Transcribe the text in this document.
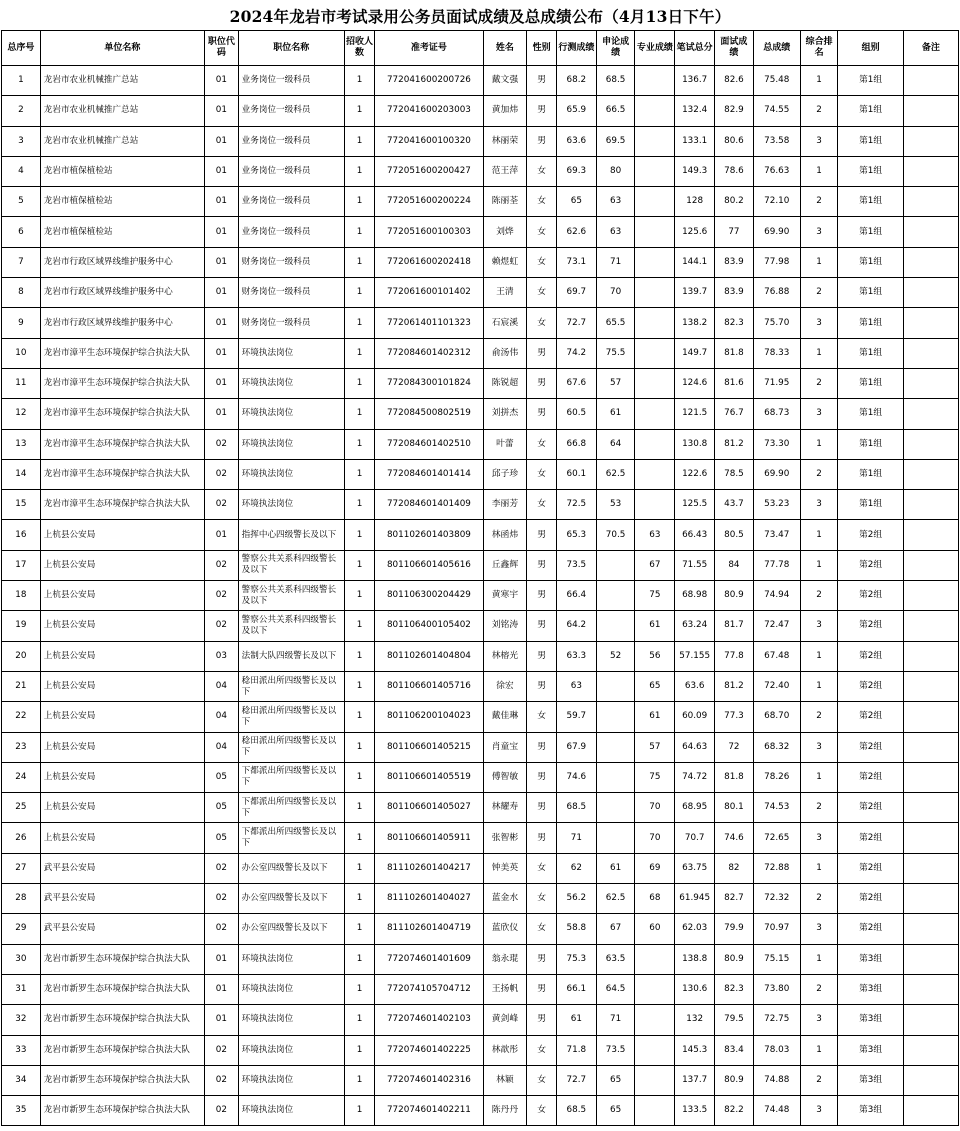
2024年龙岩市考试录用公务员面试成绩及总成绩公布（4月13日下午）
总序号	单位名称	职位代码	职位名称	招收人数	准考证号	姓名	性别	行测成绩	申论成绩	专业成绩	笔试总分	面试成绩	总成绩	综合排名	组别	备注
1	龙岩市农业机械推广总站	01	业务岗位一级科员	1	772041600200726	戴文强	男	68.2	68.5		136.7	82.6	75.48	1	第1组	
2	龙岩市农业机械推广总站	01	业务岗位一级科员	1	772041600203003	黄加炜	男	65.9	66.5		132.4	82.9	74.55	2	第1组	
3	龙岩市农业机械推广总站	01	业务岗位一级科员	1	772041600100320	林丽荣	男	63.6	69.5		133.1	80.6	73.58	3	第1组	
4	龙岩市植保植检站	01	业务岗位一级科员	1	772051600200427	范王萍	女	69.3	80		149.3	78.6	76.63	1	第1组	
5	龙岩市植保植检站	01	业务岗位一级科员	1	772051600200224	陈丽荃	女	65	63		128	80.2	72.10	2	第1组	
6	龙岩市植保植检站	01	业务岗位一级科员	1	772051600100303	刘烨	女	62.6	63		125.6	77	69.90	3	第1组	
7	龙岩市行政区域界线维护服务中心	01	财务岗位一级科员	1	772061600202418	赖煜虹	女	73.1	71		144.1	83.9	77.98	1	第1组	
8	龙岩市行政区域界线维护服务中心	01	财务岗位一级科员	1	772061600101402	王清	女	69.7	70		139.7	83.9	76.88	2	第1组	
9	龙岩市行政区域界线维护服务中心	01	财务岗位一级科员	1	772061401101323	石宸溪	女	72.7	65.5		138.2	82.3	75.70	3	第1组	
10	龙岩市漳平生态环境保护综合执法大队	01	环境执法岗位	1	772084601402312	俞汤伟	男	74.2	75.5		149.7	81.8	78.33	1	第1组	
11	龙岩市漳平生态环境保护综合执法大队	01	环境执法岗位	1	772084300101824	陈锐超	男	67.6	57		124.6	81.6	71.95	2	第1组	
12	龙岩市漳平生态环境保护综合执法大队	01	环境执法岗位	1	772084500802519	刘拼杰	男	60.5	61		121.5	76.7	68.73	3	第1组	
13	龙岩市漳平生态环境保护综合执法大队	02	环境执法岗位	1	772084601402510	叶蕾	女	66.8	64		130.8	81.2	73.30	1	第1组	
14	龙岩市漳平生态环境保护综合执法大队	02	环境执法岗位	1	772084601401414	邱子珍	女	60.1	62.5		122.6	78.5	69.90	2	第1组	
15	龙岩市漳平生态环境保护综合执法大队	02	环境执法岗位	1	772084601401409	李丽芳	女	72.5	53		125.5	43.7	53.23	3	第1组	
16	上杭县公安局	01	指挥中心四级警长及以下	1	801102601403809	林函炜	男	65.3	70.5	63	66.43	80.5	73.47	1	第2组	
17	上杭县公安局	02	警察公共关系科四级警长及以下	1	801106601405616	丘鑫辉	男	73.5		67	71.55	84	77.78	1	第2组	
18	上杭县公安局	02	警察公共关系科四级警长及以下	1	801106300204429	黄寒宇	男	66.4		75	68.98	80.9	74.94	2	第2组	
19	上杭县公安局	02	警察公共关系科四级警长及以下	1	801106400105402	刘铭涛	男	64.2		61	63.24	81.7	72.47	3	第2组	
20	上杭县公安局	03	法制大队四级警长及以下	1	801102601404804	林榕光	男	63.3	52	56	57.155	77.8	67.48	1	第2组	
21	上杭县公安局	04	稔田派出所四级警长及以下	1	801106601405716	徐宏	男	63		65	63.6	81.2	72.40	1	第2组	
22	上杭县公安局	04	稔田派出所四级警长及以下	1	801106200104023	戴佳琳	女	59.7		61	60.09	77.3	68.70	2	第2组	
23	上杭县公安局	04	稔田派出所四级警长及以下	1	801106601405215	肖童宝	男	67.9		57	64.63	72	68.32	3	第2组	
24	上杭县公安局	05	下都派出所四级警长及以下	1	801106601405519	傅智敏	男	74.6		75	74.72	81.8	78.26	1	第2组	
25	上杭县公安局	05	下都派出所四级警长及以下	1	801106601405027	林耀寿	男	68.5		70	68.95	80.1	74.53	2	第2组	
26	上杭县公安局	05	下都派出所四级警长及以下	1	801106601405911	张智彬	男	71		70	70.7	74.6	72.65	3	第2组	
27	武平县公安局	02	办公室四级警长及以下	1	811102601404217	钟美英	女	62	61	69	63.75	82	72.88	1	第2组	
28	武平县公安局	02	办公室四级警长及以下	1	811102601404027	蓝金水	女	56.2	62.5	68	61.945	82.7	72.32	2	第2组	
29	武平县公安局	02	办公室四级警长及以下	1	811102601404719	蓝欣仪	女	58.8	67	60	62.03	79.9	70.97	3	第2组	
30	龙岩市新罗生态环境保护综合执法大队	01	环境执法岗位	1	772074601401609	翁永琨	男	75.3	63.5		138.8	80.9	75.15	1	第3组	
31	龙岩市新罗生态环境保护综合执法大队	01	环境执法岗位	1	772074105704712	王扬帆	男	66.1	64.5		130.6	82.3	73.80	2	第3组	
32	龙岩市新罗生态环境保护综合执法大队	01	环境执法岗位	1	772074601402103	黄剑峰	男	61	71		132	79.5	72.75	3	第3组	
33	龙岩市新罗生态环境保护综合执法大队	02	环境执法岗位	1	772074601402225	林歆彤	女	71.8	73.5		145.3	83.4	78.03	1	第3组	
34	龙岩市新罗生态环境保护综合执法大队	02	环境执法岗位	1	772074601402316	林颖	女	72.7	65		137.7	80.9	74.88	2	第3组	
35	龙岩市新罗生态环境保护综合执法大队	02	环境执法岗位	1	772074601402211	陈丹丹	女	68.5	65		133.5	82.2	74.48	3	第3组	
